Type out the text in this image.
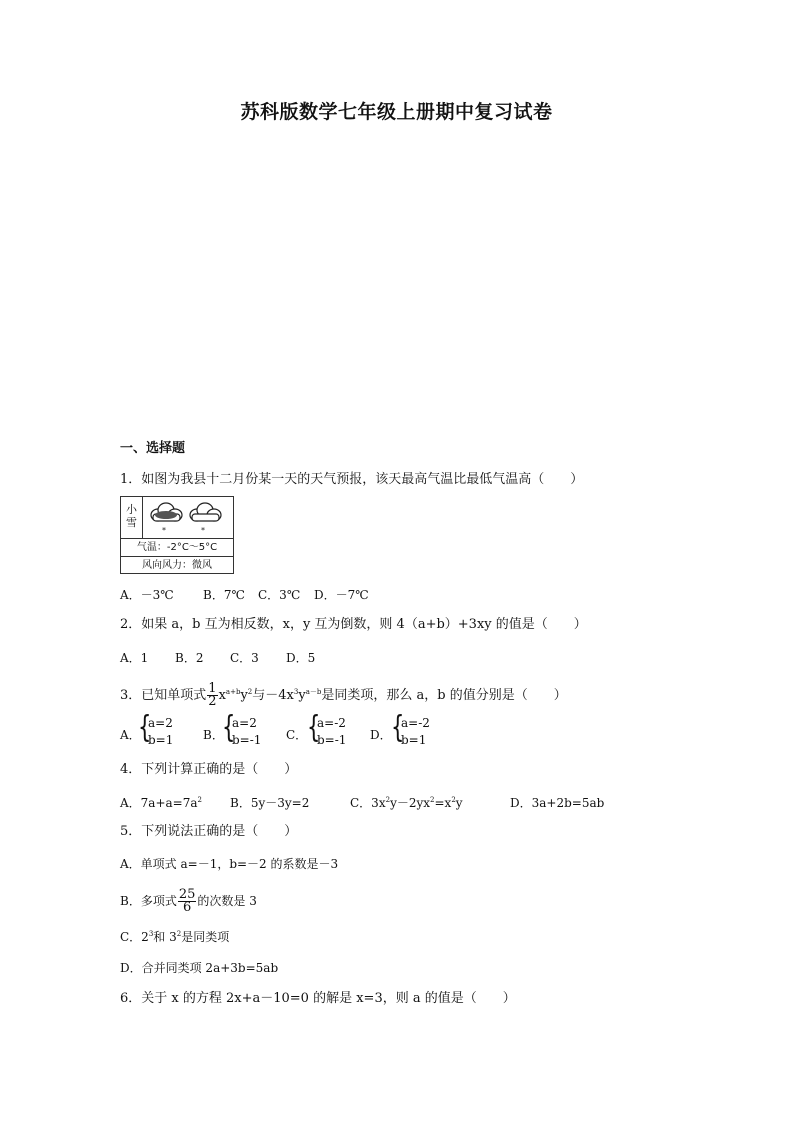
苏科版数学七年级上册期中复习试卷
一、选择题
1．如图为我县十二月份某一天的天气预报，该天最高气温比最低气温高（　　）
小
雪
*	*
气温：-2°C～5°C
风向风力：微风
A．－3℃ B．7℃ C．3℃ D．－7℃
2．如果 a，b 互为相反数，x，y 互为倒数，则 4（a+b）+3xy 的值是（　　）
A．1 B．2 C．3 D．5
3．已知单项式 $\frac{1}{2} x^{a+b}y^2$与$-4x^3y^{a-b}$是同类项，那么 a，b 的值分别是（　　）
A．
{
a=2
b=1 B．
{
a=2
b=-1 C． {
a=-2
b=-1 D． {
a=-2
b=1
4．下列计算正确的是（　　）
A．$7a+a=7a^2$ B．5y－3y=2	C．$3x^2y-2yx^2=x^2y$	D．3a+2b=5ab
5．下列说法正确的是（　　）
A．单项式 a=－1，b=－2 的系数是－3
B．多项式 $\frac{25}{6}$ 的次数是 3
C．$2^3$和 $3^2$是同类项
D．合并同类项 2a+3b=5ab
6．关于 x 的方程 2x+a－10=0 的解是 x=3，则 a 的值是（　　）
